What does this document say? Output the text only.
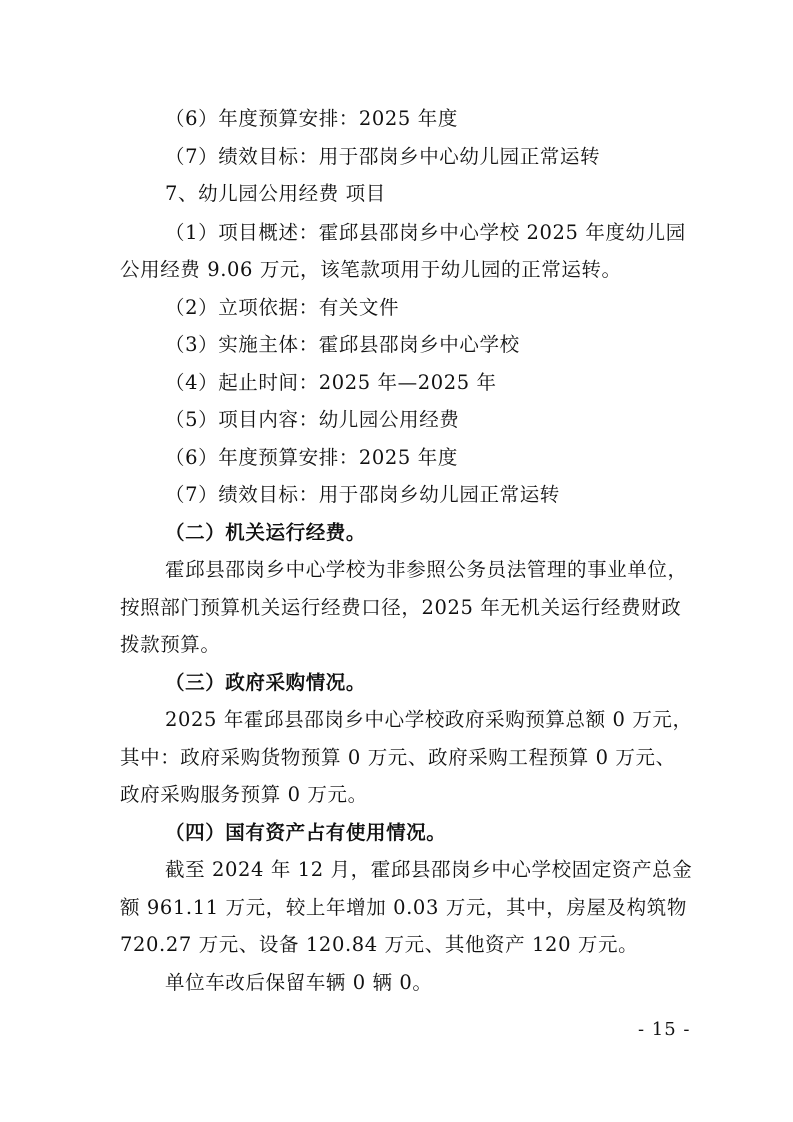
（6）年度预算安排：2025 年度
（7）绩效目标：用于邵岗乡中心幼儿园正常运转
7、幼儿园公用经费 项目
（1）项目概述：霍邱县邵岗乡中心学校 2025 年度幼儿园
公用经费 9.06 万元，该笔款项用于幼儿园的正常运转。
（2）立项依据：有关文件
（3）实施主体：霍邱县邵岗乡中心学校
（4）起止时间：2025 年—2025 年
（5）项目内容：幼儿园公用经费
（6）年度预算安排：2025 年度
（7）绩效目标：用于邵岗乡幼儿园正常运转
（二）机关运行经费。
霍邱县邵岗乡中心学校为非参照公务员法管理的事业单位，
按照部门预算机关运行经费口径，2025 年无机关运行经费财政
拨款预算。
（三）政府采购情况。
2025 年霍邱县邵岗乡中心学校政府采购预算总额 0 万元，
其中：政府采购货物预算 0 万元、政府采购工程预算 0 万元、
政府采购服务预算 0 万元。
（四）国有资产占有使用情况。
截至 2024 年 12 月，霍邱县邵岗乡中心学校固定资产总金
额 961.11 万元，较上年增加 0.03 万元，其中，房屋及构筑物
720.27 万元、设备 120.84 万元、其他资产 120 万元。
单位车改后保留车辆 0 辆 0。
- 15 -
